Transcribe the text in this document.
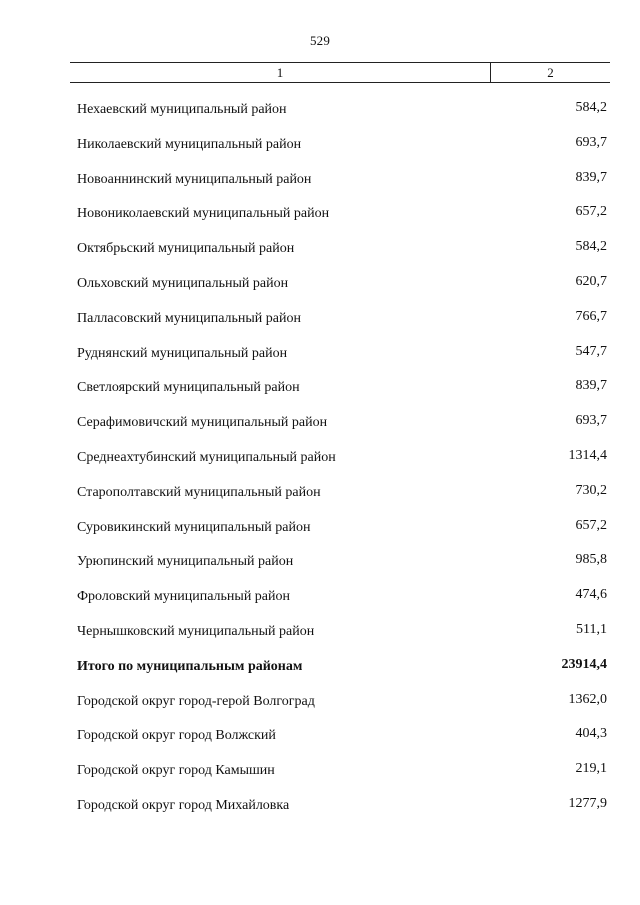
529
1	2
Нехаевский муниципальный район	584,2
Николаевский муниципальный район	693,7
Новоаннинский муниципальный район	839,7
Новониколаевский муниципальный район	657,2
Октябрьский муниципальный район	584,2
Ольховский муниципальный район	620,7
Палласовский муниципальный район	766,7
Руднянский муниципальный район	547,7
Светлоярский муниципальный район	839,7
Серафимовичский муниципальный район	693,7
Среднеахтубинский муниципальный район	1314,4
Старополтавский муниципальный район	730,2
Суровикинский муниципальный район	657,2
Урюпинский муниципальный район	985,8
Фроловский муниципальный район	474,6
Чернышковский муниципальный район	511,1
Итого по муниципальным районам	23914,4
Городской округ город-герой Волгоград	1362,0
Городской округ город Волжский	404,3
Городской округ город Камышин	219,1
Городской округ город Михайловка	1277,9
